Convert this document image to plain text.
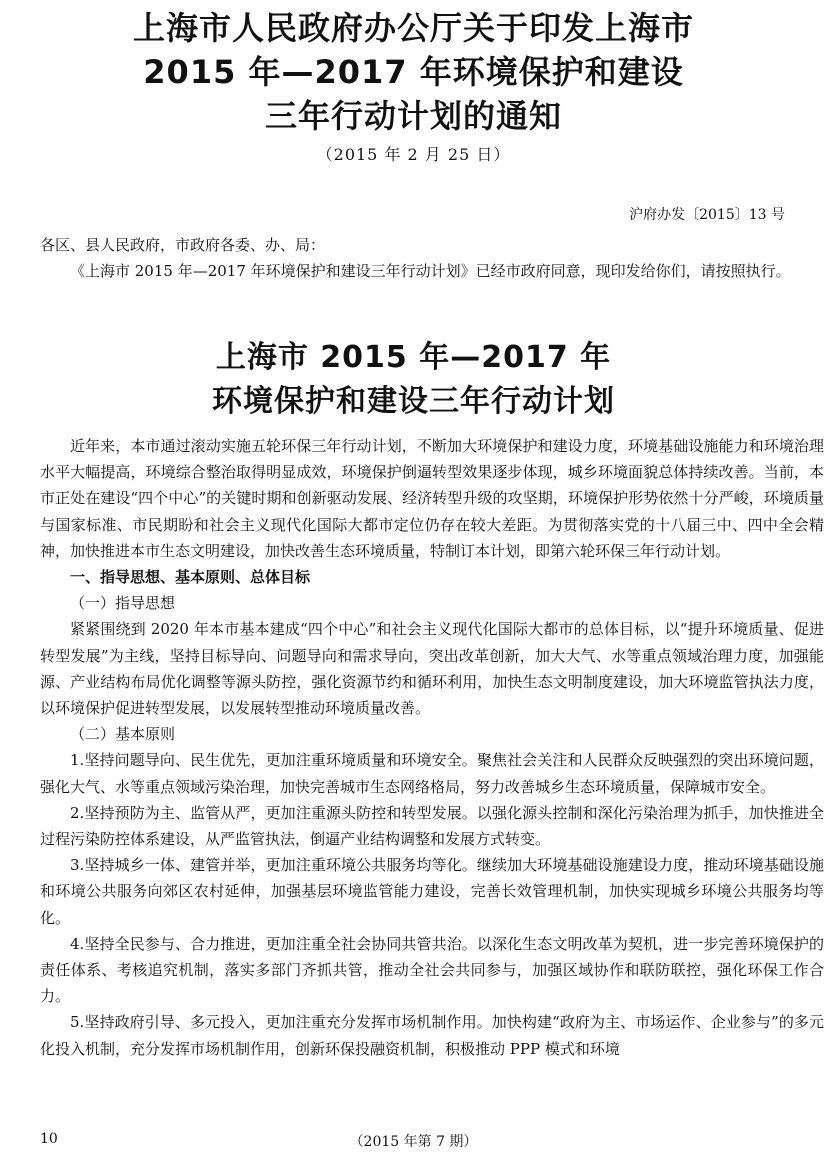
上海市人民政府办公厅关于印发上海市
2015 年—2017 年环境保护和建设
三年行动计划的通知
（2015 年 2 月 25 日）
沪府办发〔2015〕13 号
各区、县人民政府，市政府各委、办、局：
《上海市 2015 年—2017 年环境保护和建设三年行动计划》已经市政府同意，现印发给你们，请按照执行。
上海市 2015 年—2017 年
环境保护和建设三年行动计划

近年来，本市通过滚动实施五轮环保三年行动计划，不断加大环境保护和建设力度，环境基础设施能力和环境治理水平大幅提高，环境综合整治取得明显成效，环境保护倒逼转型效果逐步体现，城乡环境面貌总体持续改善。当前，本市正处在建设“四个中心”的关键时期和创新驱动发展、经济转型升级的攻坚期，环境保护形势依然十分严峻，环境质量与国家标准、市民期盼和社会主义现代化国际大都市定位仍存在较大差距。为贯彻落实党的十八届三中、四中全会精神，加快推进本市生态文明建设，加快改善生态环境质量，特制订本计划，即第六轮环保三年行动计划。

一、指导思想、基本原则、总体目标

（一）指导思想

紧紧围绕到 2020 年本市基本建成“四个中心”和社会主义现代化国际大都市的总体目标，以“提升环境质量、促进转型发展”为主线，坚持目标导向、问题导向和需求导向，突出改革创新，加大大气、水等重点领域治理力度，加强能源、产业结构布局优化调整等源头防控，强化资源节约和循环利用，加快生态文明制度建设，加大环境监管执法力度，以环境保护促进转型发展，以发展转型推动环境质量改善。

（二）基本原则

1.坚持问题导向、民生优先，更加注重环境质量和环境安全。聚焦社会关注和人民群众反映强烈的突出环境问题，强化大气、水等重点领域污染治理，加快完善城市生态网络格局，努力改善城乡生态环境质量，保障城市安全。

2.坚持预防为主、监管从严，更加注重源头防控和转型发展。以强化源头控制和深化污染治理为抓手，加快推进全过程污染防控体系建设，从严监管执法，倒逼产业结构调整和发展方式转变。

3.坚持城乡一体、建管并举，更加注重环境公共服务均等化。继续加大环境基础设施建设力度，推动环境基础设施和环境公共服务向郊区农村延伸，加强基层环境监管能力建设，完善长效管理机制，加快实现城乡环境公共服务均等化。

4.坚持全民参与、合力推进，更加注重全社会协同共管共治。以深化生态文明改革为契机，进一步完善环境保护的责任体系、考核追究机制，落实多部门齐抓共管，推动全社会共同参与，加强区域协作和联防联控，强化环保工作合力。

5.坚持政府引导、多元投入，更加注重充分发挥市场机制作用。加快构建“政府为主、市场运作、企业参与”的多元化投入机制，充分发挥市场机制作用，创新环保投融资机制，积极推动 PPP 模式和环境

10	（2015 年第 7 期）
